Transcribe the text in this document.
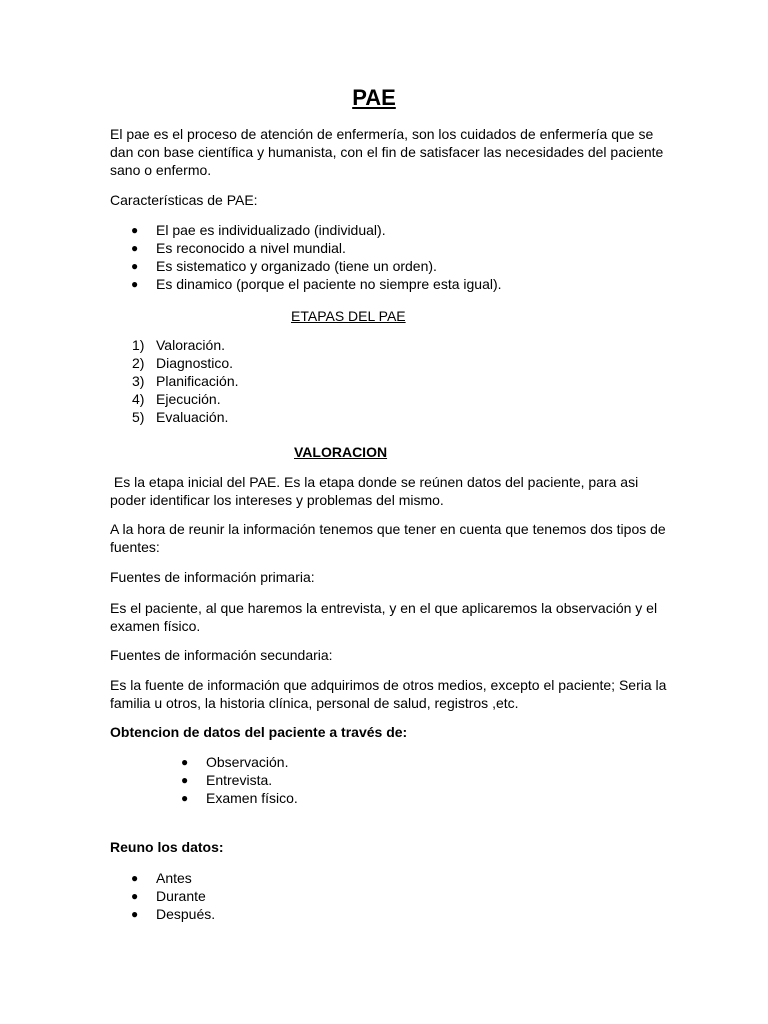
PAE

El pae es el proceso de atención de enfermería, son los cuidados de enfermería que se dan con base científica y humanista, con el fin de satisfacer las necesidades del paciente sano o enfermo.

Características de PAE:

● El pae es individualizado (individual).
● Es reconocido a nivel mundial.
● Es sistematico y organizado (tiene un orden).
● Es dinamico (porque el paciente no siempre esta igual).
ETAPAS DEL PAE
1) Valoración.
2) Diagnostico.
3) Planificación.
4) Ejecución.
5) Evaluación.
VALORACION

Es la etapa inicial del PAE. Es la etapa donde se reúnen datos del paciente, para asi poder identificar los intereses y problemas del mismo.

A la hora de reunir la información tenemos que tener en cuenta que tenemos dos tipos de fuentes:

Fuentes de información primaria:

Es el paciente, al que haremos la entrevista, y en el que aplicaremos la observación y el examen físico.

Fuentes de información secundaria:

Es la fuente de información que adquirimos de otros medios, excepto el paciente; Seria la familia u otros, la historia clínica, personal de salud, registros ,etc.

Obtencion de datos del paciente a través de:

● Observación.
● Entrevista.
● Examen físico.

Reuno los datos:

● Antes
● Durante
● Después.
